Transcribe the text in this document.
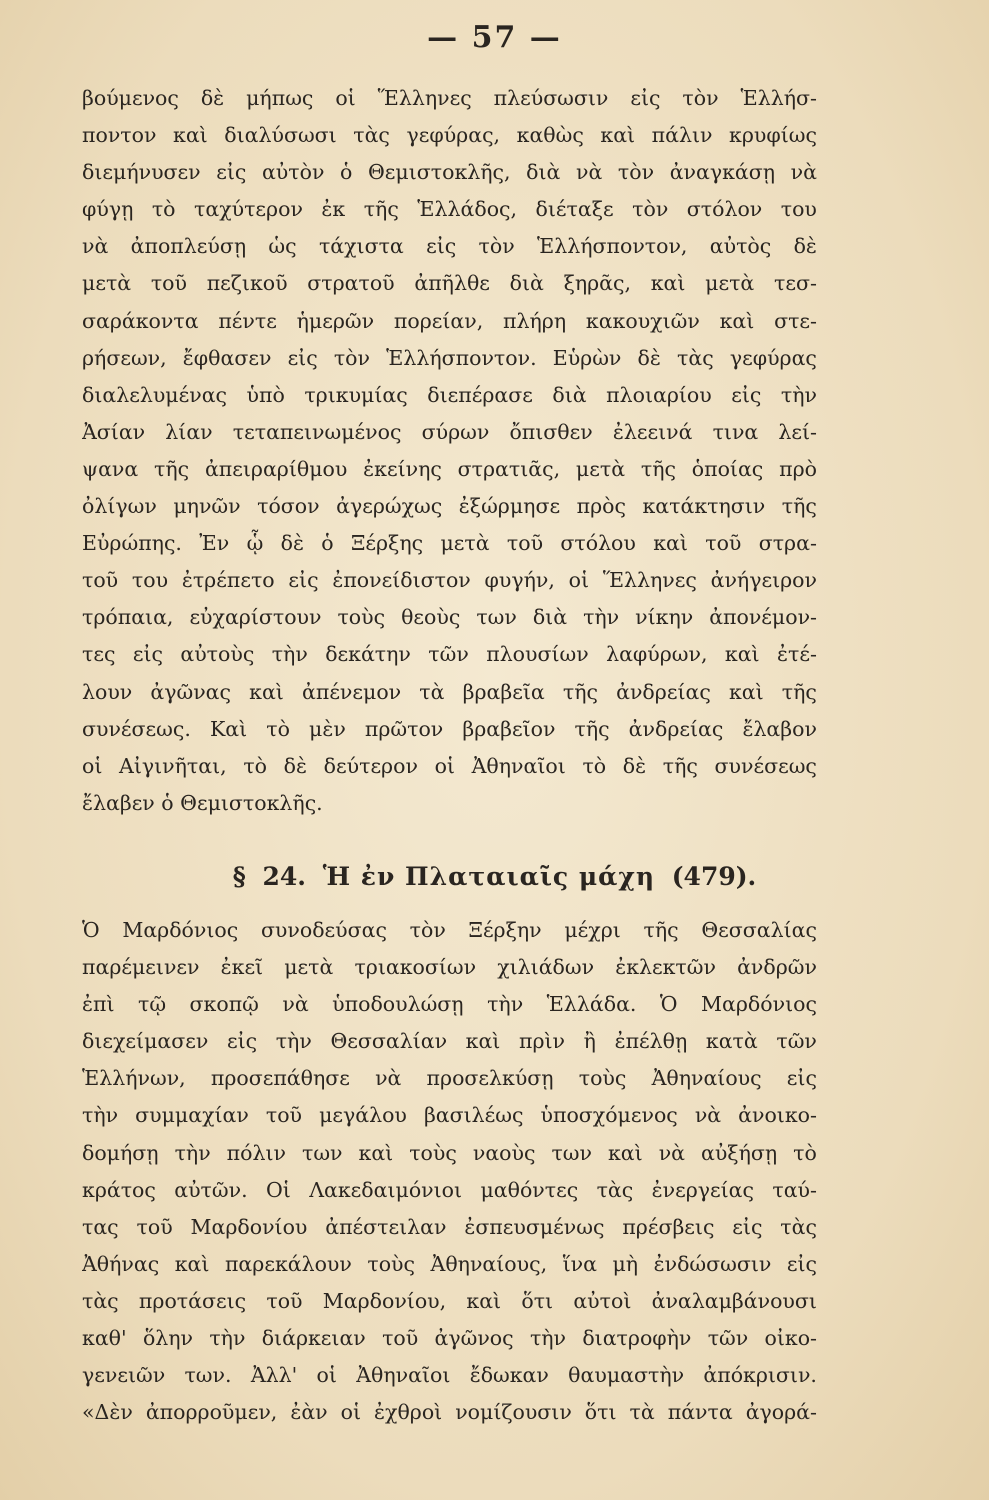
— 57 —
βούμενος δὲ μήπως οἱ Ἕλληνες πλεύσωσιν εἰς τὸν Ἑλλήσ-
ποντον καὶ διαλύσωσι τὰς γεφύρας, καθὼς καὶ πάλιν κρυφίως
διεμήνυσεν εἰς αὐτὸν ὁ Θεμιστοκλῆς, διὰ νὰ τὸν ἀναγκάσῃ νὰ
φύγῃ τὸ ταχύτερον ἐκ τῆς Ἑλλάδος, διέταξε τὸν στόλον του
νὰ ἀποπλεύσῃ ὡς τάχιστα εἰς τὸν Ἑλλήσποντον, αὐτὸς δὲ
μετὰ τοῦ πεζικοῦ στρατοῦ ἀπῆλθε διὰ ξηρᾶς, καὶ μετὰ τεσ-
σαράκοντα πέντε ἡμερῶν πορείαν, πλήρη κακουχιῶν καὶ στε-
ρήσεων, ἔφθασεν εἰς τὸν Ἑλλήσποντον. Εὑρὼν δὲ τὰς γεφύρας
διαλελυμένας ὑπὸ τρικυμίας διεπέρασε διὰ πλοιαρίου εἰς τὴν
Ἀσίαν λίαν τεταπεινωμένος σύρων ὄπισθεν ἐλεεινά τινα λεί-
ψανα τῆς ἀπειραρίθμου ἐκείνης στρατιᾶς, μετὰ τῆς ὁποίας πρὸ
ὀλίγων μηνῶν τόσον ἀγερώχως ἐξώρμησε πρὸς κατάκτησιν τῆς
Εὐρώπης. Ἐν ᾧ δὲ ὁ Ξέρξης μετὰ τοῦ στόλου καὶ τοῦ στρα-
τοῦ του ἐτρέπετο εἰς ἐπονείδιστον φυγήν, οἱ Ἕλληνες ἀνήγειρον
τρόπαια, εὐχαρίστουν τοὺς θεοὺς των διὰ τὴν νίκην ἀπονέμον-
τες εἰς αὐτοὺς τὴν δεκάτην τῶν πλουσίων λαφύρων, καὶ ἐτέ-
λουν ἀγῶνας καὶ ἀπένεμον τὰ βραβεῖα τῆς ἀνδρείας καὶ τῆς
συνέσεως. Καὶ τὸ μὲν πρῶτον βραβεῖον τῆς ἀνδρείας ἔλαβον
οἱ Αἰγινῆται, τὸ δὲ δεύτερον οἱ Ἀθηναῖοι τὸ δὲ τῆς συνέσεως
ἔλαβεν ὁ Θεμιστοκλῆς.
§ 24. Ἡ ἐν Πλαταιαῖς μάχη (479).
Ὁ Μαρδόνιος συνοδεύσας τὸν Ξέρξην μέχρι τῆς Θεσσαλίας
παρέμεινεν ἐκεῖ μετὰ τριακοσίων χιλιάδων ἐκλεκτῶν ἀνδρῶν
ἐπὶ τῷ σκοπῷ νὰ ὑποδουλώσῃ τὴν Ἑλλάδα. Ὁ Μαρδόνιος
διεχείμασεν εἰς τὴν Θεσσαλίαν καὶ πρὶν ἢ ἐπέλθῃ κατὰ τῶν
Ἑλλήνων, προσεπάθησε νὰ προσελκύσῃ τοὺς Ἀθηναίους εἰς
τὴν συμμαχίαν τοῦ μεγάλου βασιλέως ὑποσχόμενος νὰ ἀνοικο-
δομήσῃ τὴν πόλιν των καὶ τοὺς ναοὺς των καὶ νὰ αὐξήσῃ τὸ
κράτος αὐτῶν. Οἱ Λακεδαιμόνιοι μαθόντες τὰς ἐνεργείας ταύ-
τας τοῦ Μαρδονίου ἀπέστειλαν ἐσπευσμένως πρέσβεις εἰς τὰς
Ἀθήνας καὶ παρεκάλουν τοὺς Ἀθηναίους, ἵνα μὴ ἐνδώσωσιν εἰς
τὰς προτάσεις τοῦ Μαρδονίου, καὶ ὅτι αὐτοὶ ἀναλαμβάνουσι
καθ' ὅλην τὴν διάρκειαν τοῦ ἀγῶνος τὴν διατροφὴν τῶν οἰκο-
γενειῶν των. Ἀλλ' οἱ Ἀθηναῖοι ἔδωκαν θαυμαστὴν ἀπόκρισιν.
«Δὲν ἀπορροῦμεν, ἐὰν οἱ ἐχθροὶ νομίζουσιν ὅτι τὰ πάντα ἀγορά-
